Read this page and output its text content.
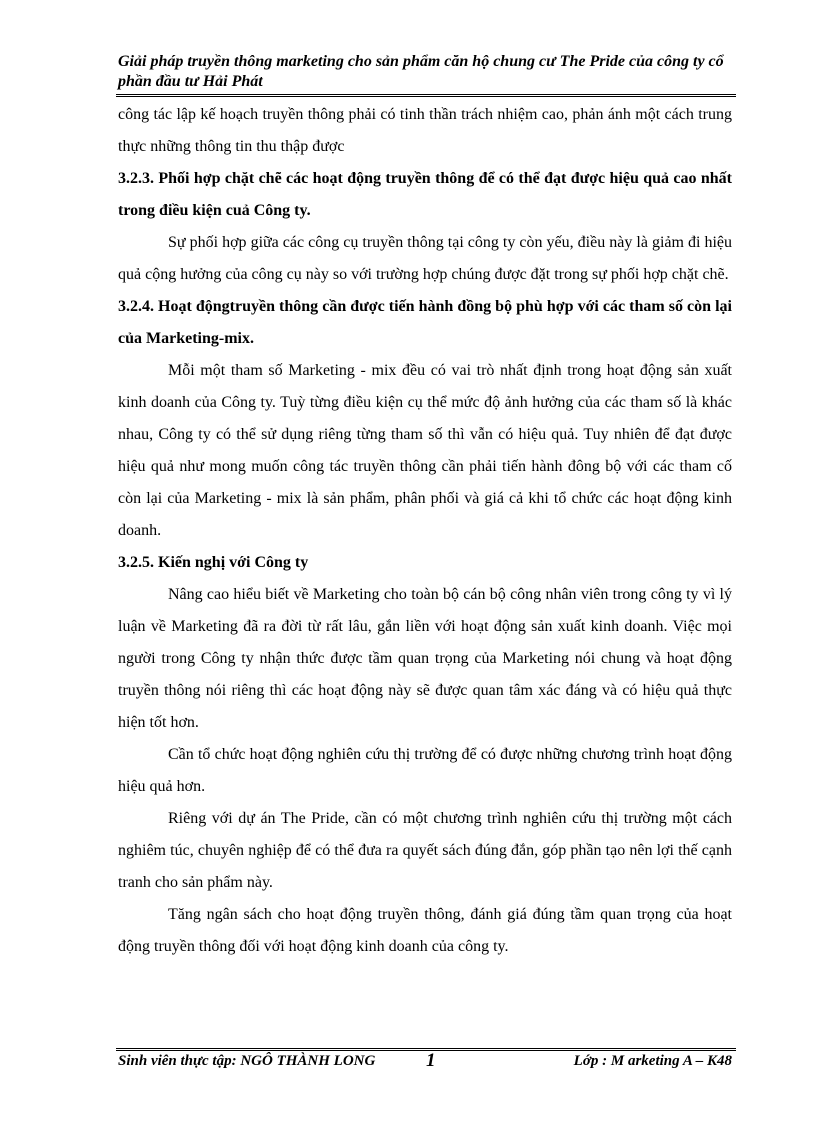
Giải pháp truyền thông marketing cho sản phẩm căn hộ chung cư The Pride của công ty cổ phần đầu tư Hải Phát

công tác lập kế hoạch truyền thông phải có tinh thần trách nhiệm cao, phản ánh một cách trung thực những thông tin thu thập được

3.2.3. Phối hợp chặt chẽ các hoạt động truyền thông để có thể đạt được hiệu quả cao nhất trong điều kiện cuả Công ty.

Sự phối hợp giữa các công cụ truyền thông tại công ty còn yếu, điều này là giảm đi hiệu quả cộng hưởng của công cụ này so với trường hợp chúng được đặt trong sự phối hợp chặt chẽ.

3.2.4. Hoạt độngtruyền thông cần được tiến hành đồng bộ phù hợp với các tham số còn lại của Marketing-mix.

Mỗi một tham số Marketing - mix đều có vai trò nhất định trong hoạt động sản xuất kinh doanh của Công ty. Tuỳ từng điều kiện cụ thể mức độ ảnh hưởng của các tham số là khác nhau, Công ty có thể sử dụng riêng từng tham số thì vẫn có hiệu quả. Tuy nhiên để đạt được hiệu quả như mong muốn công tác truyền thông cần phải tiến hành đông bộ với các tham cố còn lại của Marketing - mix là sản phẩm, phân phối và giá cả khi tổ chức các hoạt động kinh doanh.

3.2.5. Kiến nghị với Công ty

Nâng cao hiểu biết về Marketing cho toàn bộ cán bộ công nhân viên trong công ty vì lý luận về Marketing đã ra đời từ rất lâu, gắn liền với hoạt động sản xuất kinh doanh. Việc mọi người trong Công ty nhận thức được tầm quan trọng của Marketing nói chung và hoạt động truyền thông nói riêng thì các hoạt động này sẽ được quan tâm xác đáng và có hiệu quả thực hiện tốt hơn.

Cần tổ chức hoạt động nghiên cứu thị trường để có được những chương trình hoạt động hiệu quả hơn.

Riêng với dự án The Pride, cần có một chương trình nghiên cứu thị trường một cách nghiêm túc, chuyên nghiệp để có thể đưa ra quyết sách đúng đắn, góp phần tạo nên lợi thế cạnh tranh cho sản phẩm này.

Tăng ngân sách cho hoạt động truyền thông, đánh giá đúng tầm quan trọng của hoạt động truyền thông đối với hoạt động kinh doanh của công ty.

Sinh viên thực tập: NGÔ THÀNH LONG	1	Lớp : M arketing A – K48
